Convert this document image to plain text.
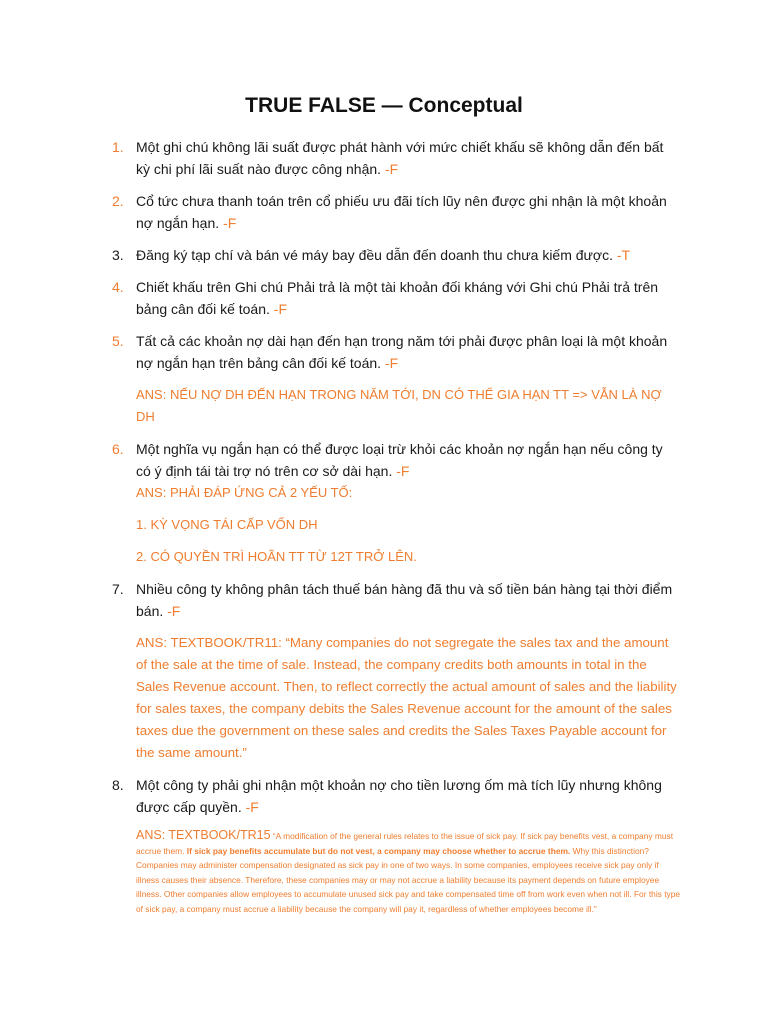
TRUE FALSE — Conceptual
1. Một ghi chú không lãi suất được phát hành với mức chiết khấu sẽ không dẫn đến bất kỳ chi phí lãi suất nào được công nhận. -F
2. Cổ tức chưa thanh toán trên cổ phiếu ưu đãi tích lũy nên được ghi nhận là một khoản nợ ngắn hạn. -F
3. Đăng ký tạp chí và bán vé máy bay đều dẫn đến doanh thu chưa kiếm được. -T
4. Chiết khấu trên Ghi chú Phải trả là một tài khoản đối kháng với Ghi chú Phải trả trên bảng cân đối kế toán. -F
5. Tất cả các khoản nợ dài hạn đến hạn trong năm tới phải được phân loại là một khoản nợ ngắn hạn trên bảng cân đối kế toán. -F
ANS: NẾU NỢ DH ĐẾN HẠN TRONG NĂM TỚI, DN CÓ THỂ GIA HẠN TT => VẪN LÀ NỢ DH
6. Một nghĩa vụ ngắn hạn có thể được loại trừ khỏi các khoản nợ ngắn hạn nếu công ty có ý định tái tài trợ nó trên cơ sở dài hạn. -F
ANS: PHẢI ĐÁP ỨNG CẢ 2 YẾU TỐ:
1. KỲ VỌNG TÁI CẤP VỐN DH
2. CÓ QUYỀN TRÌ HOÃN TT TỪ 12T TRỞ LÊN.
7. Nhiều công ty không phân tách thuế bán hàng đã thu và số tiền bán hàng tại thời điểm bán. -F
ANS: TEXTBOOK/TR11: “Many companies do not segregate the sales tax and the amount of the sale at the time of sale. Instead, the company credits both amounts in total in the Sales Revenue account. Then, to reflect correctly the actual amount of sales and the liability for sales taxes, the company debits the Sales Revenue account for the amount of the sales taxes due the government on these sales and credits the Sales Taxes Payable account for the same amount.”
8. Một công ty phải ghi nhận một khoản nợ cho tiền lương ốm mà tích lũy nhưng không được cấp quyền. -F
ANS: TEXTBOOK/TR15 “A modification of the general rules relates to the issue of sick pay. If sick pay benefits vest, a company must accrue them. If sick pay benefits accumulate but do not vest, a company may choose whether to accrue them. Why this distinction? Companies may administer compensation designated as sick pay in one of two ways. In some companies, employees receive sick pay only if illness causes their absence. Therefore, these companies may or may not accrue a liability because its payment depends on future employee illness. Other companies allow employees to accumulate unused sick pay and take compensated time off from work even when not ill. For this type of sick pay, a company must accrue a liability because the company will pay it, regardless of whether employees become ill.”
